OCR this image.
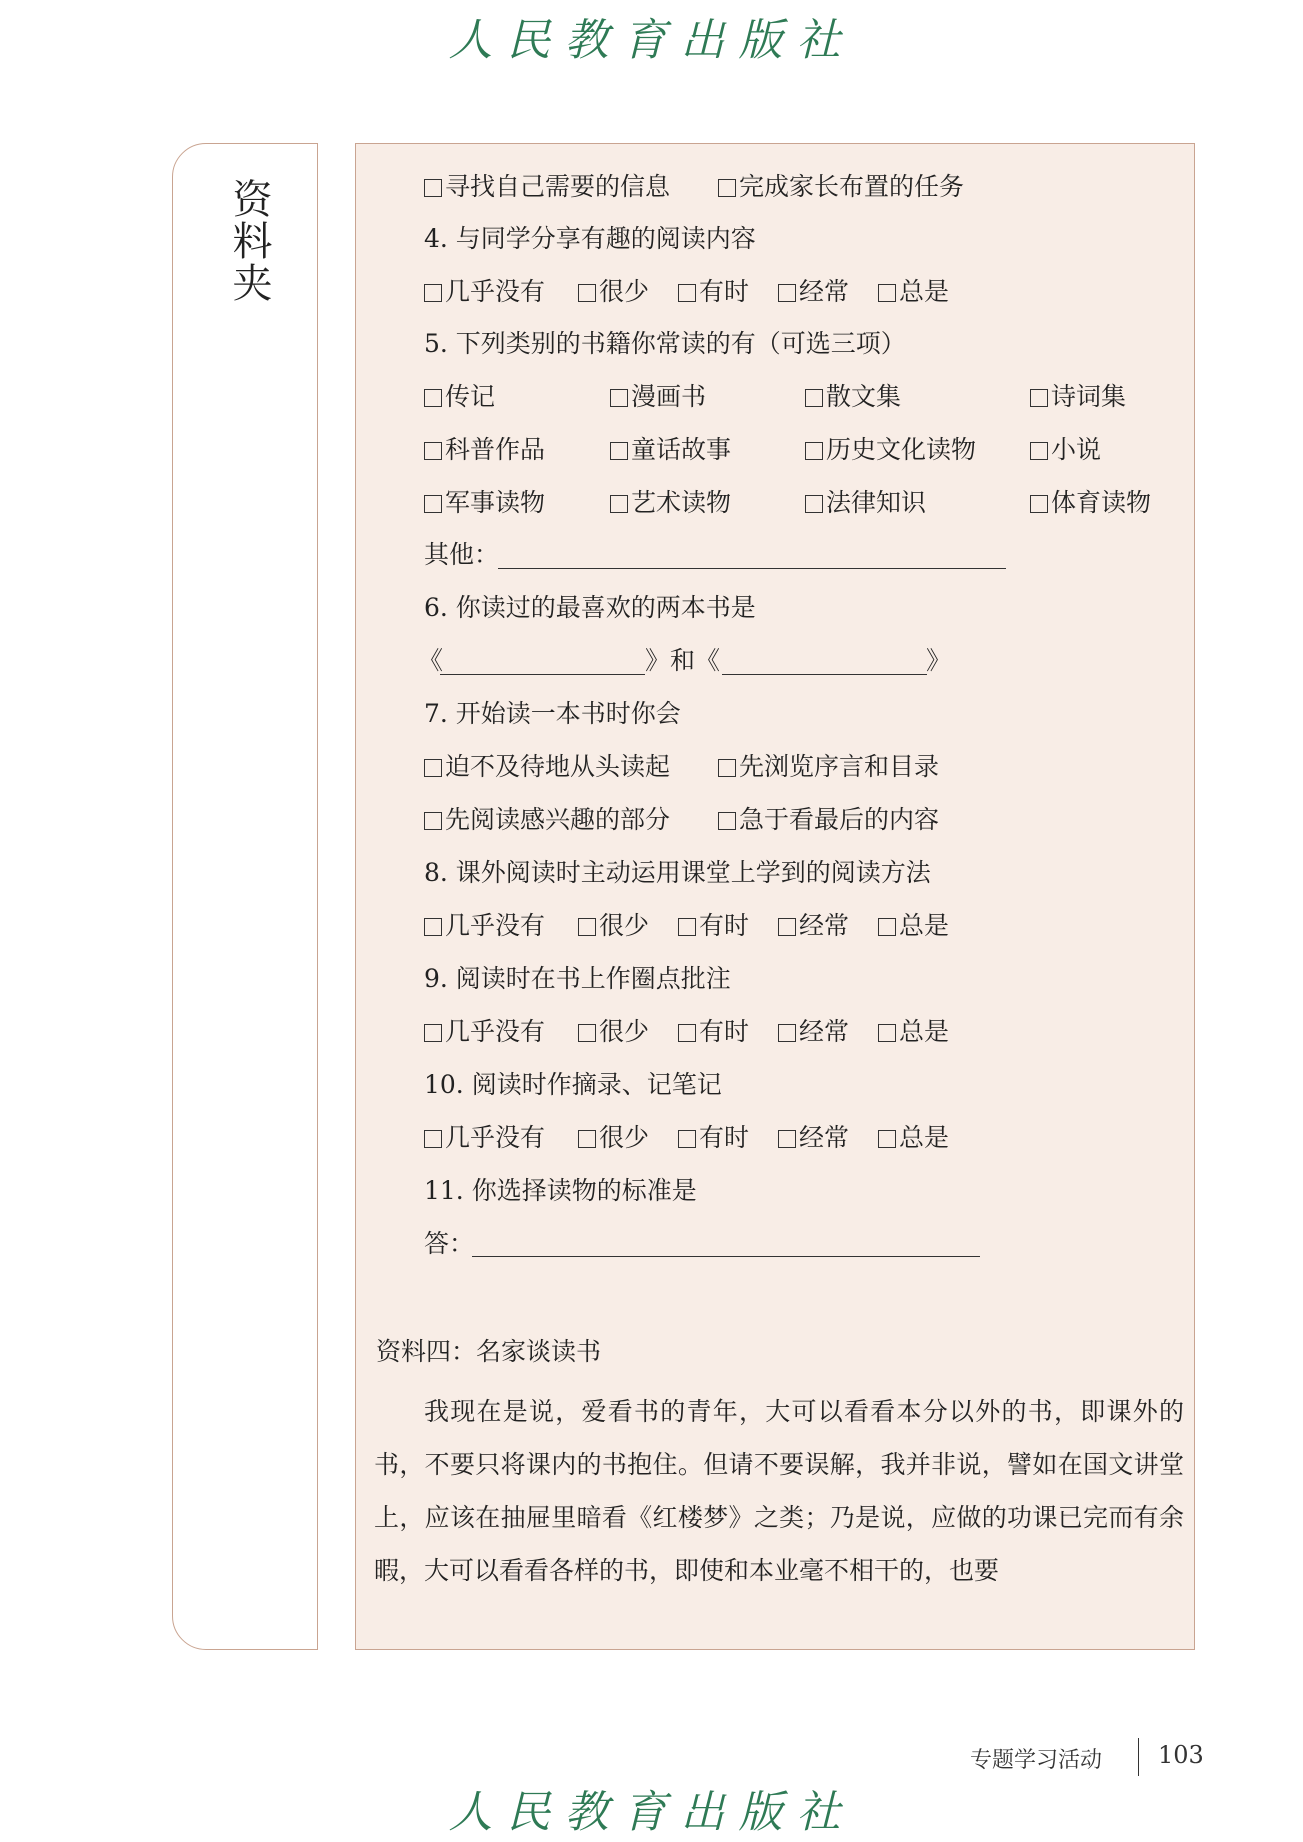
人民教育出版社
资料夹	寻找自己需要的信息	完成家长布置的任务
4. 与同学分享有趣的阅读内容
几乎没有	很少	有时	经常	总是
5. 下列类别的书籍你常读的有（可选三项）
传记	漫画书	散文集	诗词集
科普作品	童话故事	历史文化读物	小说
军事读物	艺术读物	法律知识	体育读物
其他：
6. 你读过的最喜欢的两本书是
《	》和《	》
7. 开始读一本书时你会
迫不及待地从头读起	先浏览序言和目录
先阅读感兴趣的部分	急于看最后的内容
8. 课外阅读时主动运用课堂上学到的阅读方法
几乎没有	很少	有时	经常	总是
9. 阅读时在书上作圈点批注
几乎没有	很少	有时	经常	总是
10. 阅读时作摘录、记笔记
几乎没有	很少	有时	经常	总是
11. 你选择读物的标准是
答：
资料四：名家谈读书
我现在是说，爱看书的青年，大可以看看本分以外的书，即课外的书，不要只将课内的书抱住。但请不要误解，我并非说，譬如在国文讲堂上，应该在抽屉里暗看《红楼梦》之类；乃是说，应做的功课已完而有余暇，大可以看看各样的书，即使和本业毫不相干的，也要
专题学习活动 103
人民教育出版社
